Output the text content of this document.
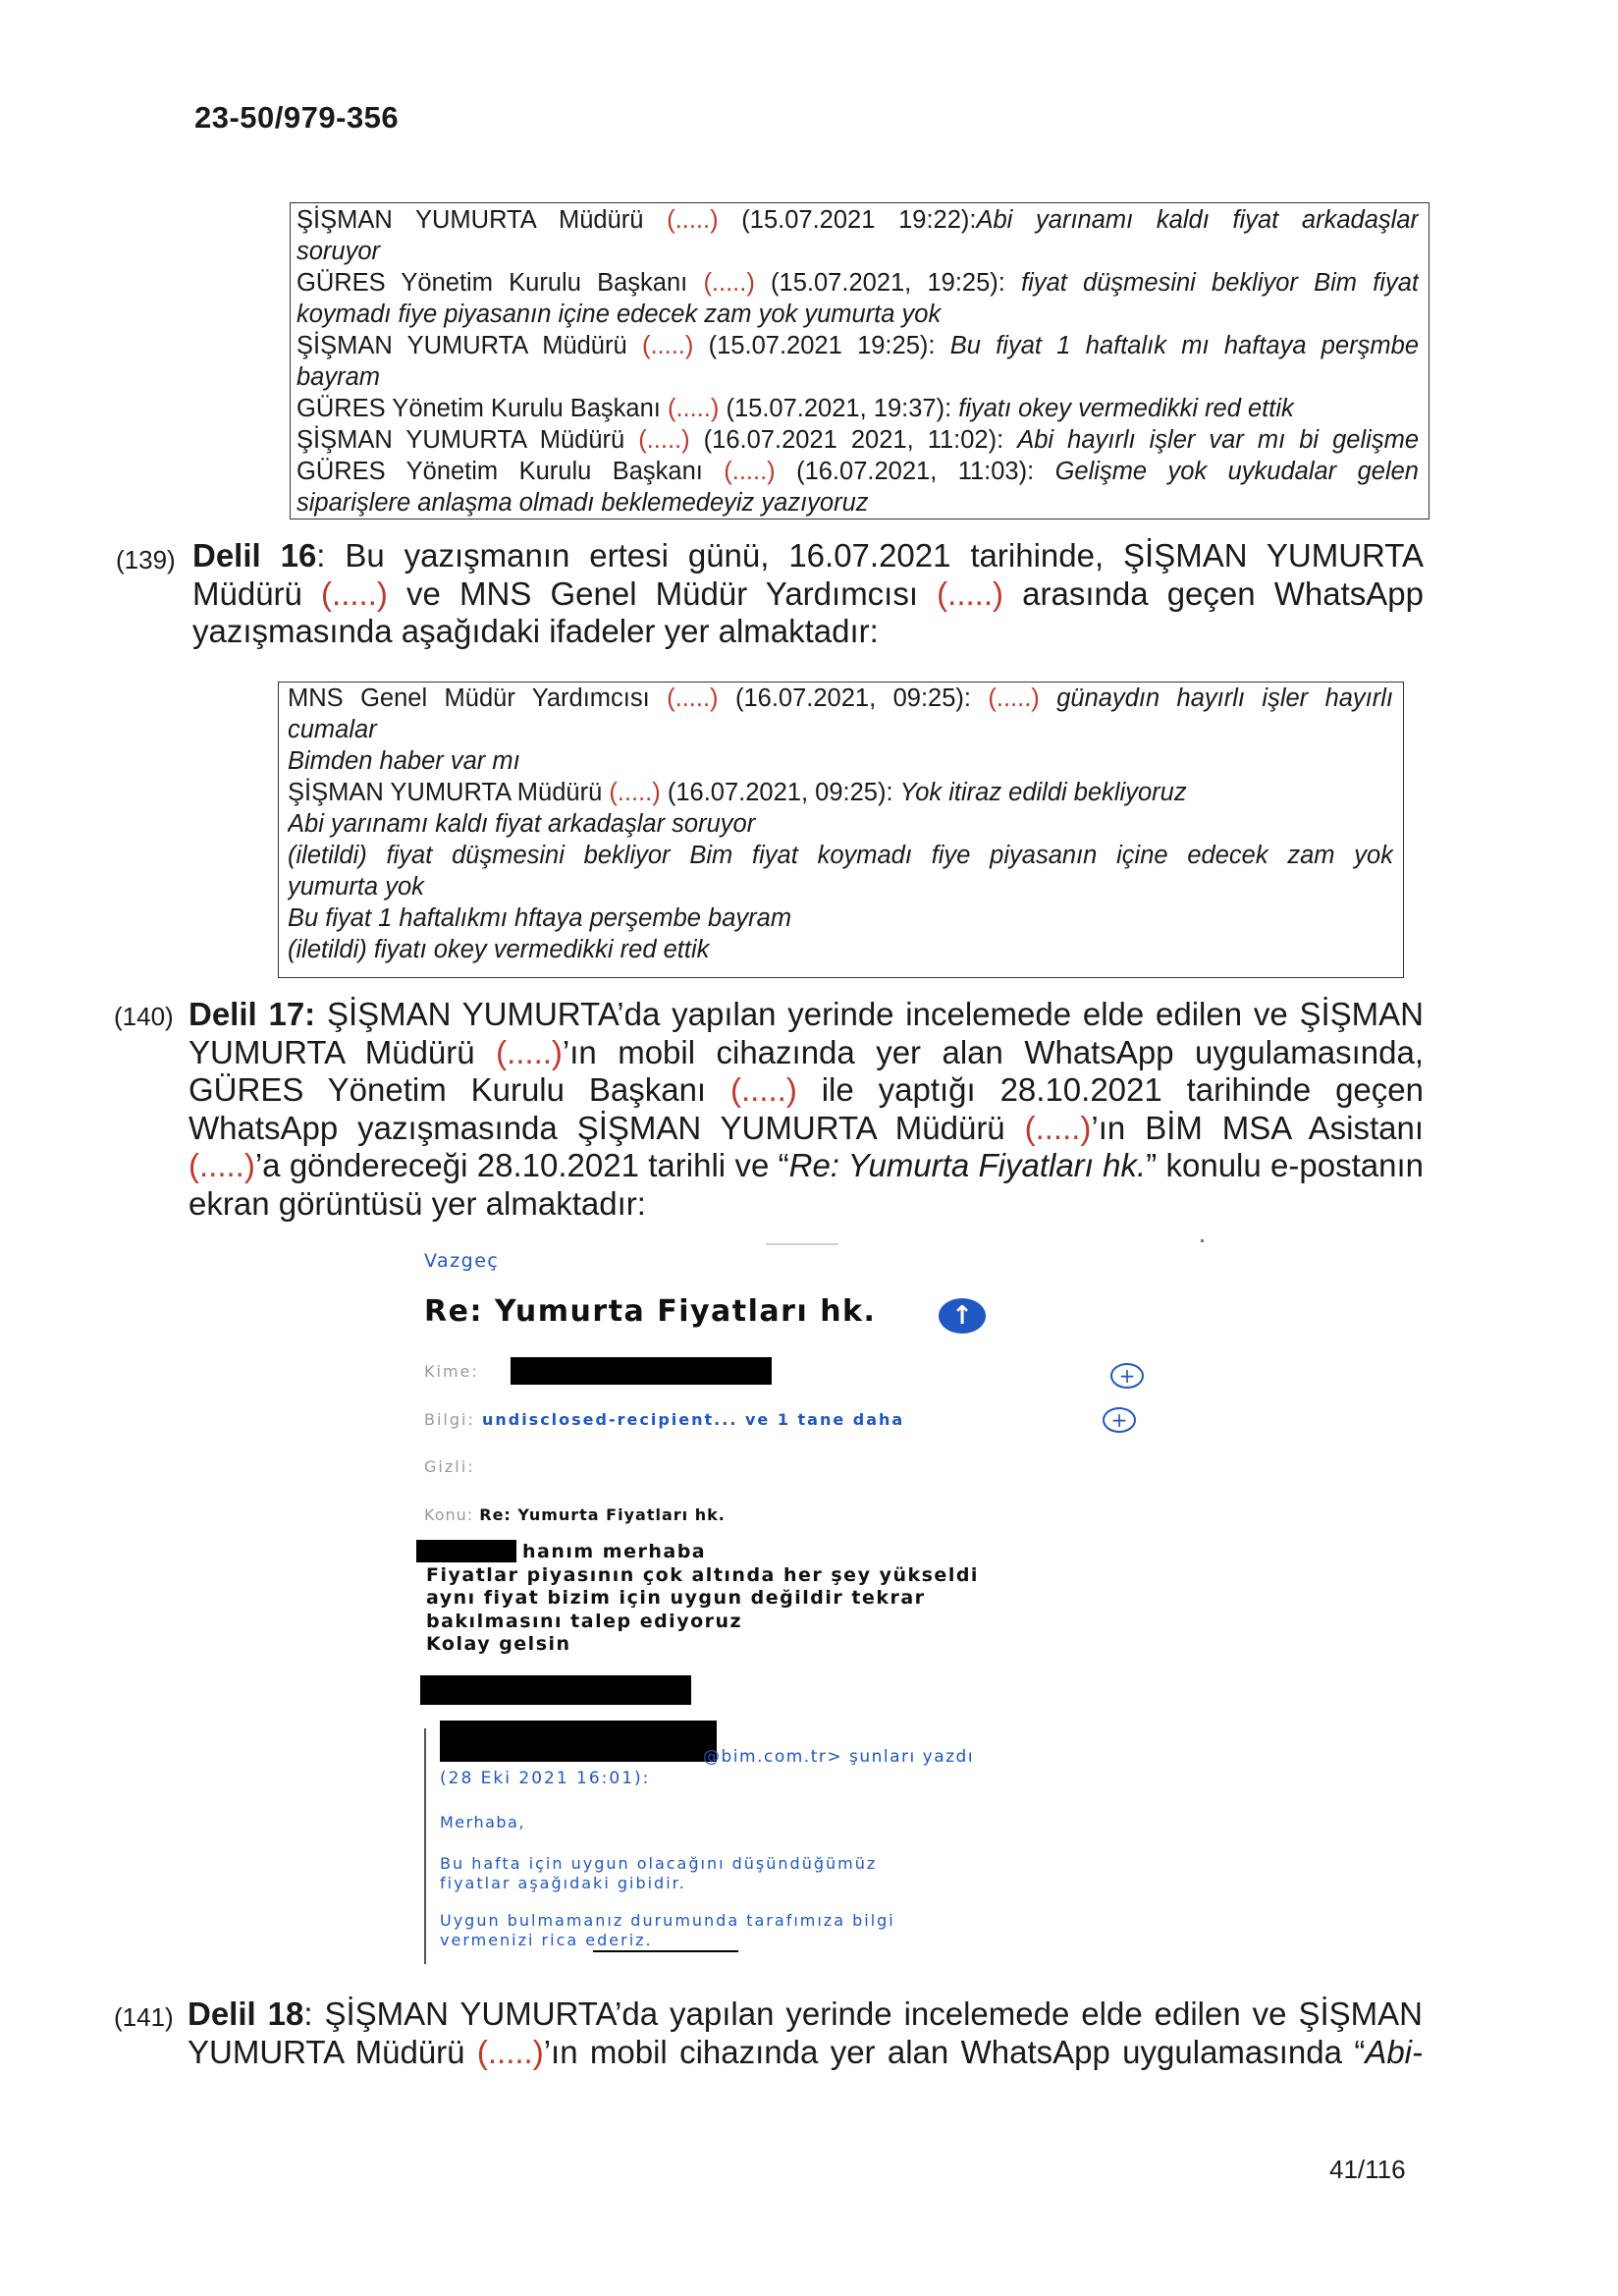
23-50/979-356
ŞİŞMAN YUMURTA Müdürü (.....) (15.07.2021 19:22):Abi yarınamı kaldı fiyat arkadaşlar
soruyor
GÜRES Yönetim Kurulu Başkanı (.....) (15.07.2021, 19:25): fiyat düşmesini bekliyor Bim fiyat
koymadı fiye piyasanın içine edecek zam yok yumurta yok
ŞİŞMAN YUMURTA Müdürü (.....) (15.07.2021 19:25): Bu fiyat 1 haftalık mı haftaya perşmbe
bayram
GÜRES Yönetim Kurulu Başkanı (.....) (15.07.2021, 19:37): fiyatı okey vermedikki red ettik
ŞİŞMAN YUMURTA Müdürü (.....) (16.07.2021 2021, 11:02): Abi hayırlı işler var mı bi gelişme
GÜRES Yönetim Kurulu Başkanı (.....) (16.07.2021, 11:03): Gelişme yok uykudalar gelen
siparişlere anlaşma olmadı beklemedeyiz yazıyoruz
(139) Delil 16: Bu yazışmanın ertesi günü, 16.07.2021 tarihinde, ŞİŞMAN YUMURTA
Müdürü (.....) ve MNS Genel Müdür Yardımcısı (.....) arasında geçen WhatsApp
yazışmasında aşağıdaki ifadeler yer almaktadır:
MNS Genel Müdür Yardımcısı (.....) (16.07.2021, 09:25): (.....) günaydın hayırlı işler hayırlı
cumalar
Bimden haber var mı
ŞİŞMAN YUMURTA Müdürü (.....) (16.07.2021, 09:25): Yok itiraz edildi bekliyoruz
Abi yarınamı kaldı fiyat arkadaşlar soruyor
(iletildi) fiyat düşmesini bekliyor Bim fiyat koymadı fiye piyasanın içine edecek zam yok
yumurta yok
Bu fiyat 1 haftalıkmı hftaya perşembe bayram
(iletildi) fiyatı okey vermedikki red ettik
(140) Delil 17: ŞİŞMAN YUMURTA’da yapılan yerinde incelemede elde edilen ve ŞİŞMAN
YUMURTA Müdürü (.....)’ın mobil cihazında yer alan WhatsApp uygulamasında,
GÜRES Yönetim Kurulu Başkanı (.....) ile yaptığı 28.10.2021 tarihinde geçen
WhatsApp yazışmasında ŞİŞMAN YUMURTA Müdürü (.....)’ın BİM MSA Asistanı
(.....)’a göndereceği 28.10.2021 tarihli ve “Re: Yumurta Fiyatları hk.” konulu e-postanın
ekran görüntüsü yer almaktadır:
Vazgeç
Re: Yumurta Fiyatları hk.	↑
Kime:	+
Bilgi: undisclosed-recipient... ve 1 tane daha	+
Gizli:
Konu: Re: Yumurta Fiyatları hk.
hanım merhaba
Fiyatlar piyasının çok altında her şey yükseldi
aynı fiyat bizim için uygun değildir tekrar
bakılmasını talep ediyoruz
Kolay gelsin
@bim.com.tr> şunları yazdı
(28 Eki 2021 16:01):
Merhaba,
Bu hafta için uygun olacağını düşündüğümüz
fiyatlar aşağıdaki gibidir.
Uygun bulmamanız durumunda tarafımıza bilgi
vermenizi rica ederiz.
(141) Delil 18: ŞİŞMAN YUMURTA’da yapılan yerinde incelemede elde edilen ve ŞİŞMAN
YUMURTA Müdürü (.....)’ın mobil cihazında yer alan WhatsApp uygulamasında “Abi-
41/116
